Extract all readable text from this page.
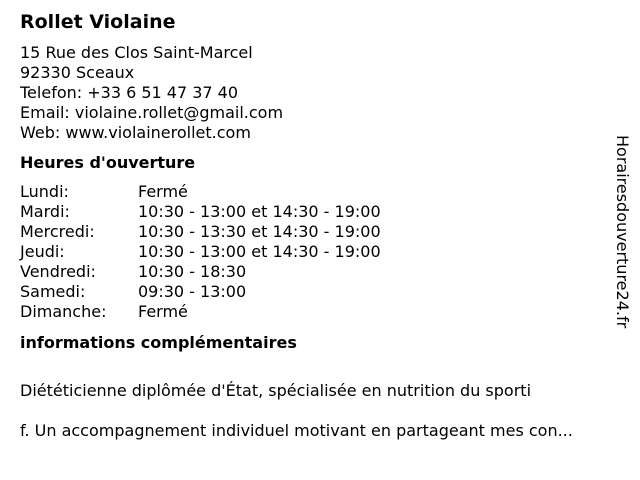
Rollet Violaine
15 Rue des Clos Saint-Marcel
92330 Sceaux
Telefon: +33 6 51 47 37 40
Email: violaine.rollet@gmail.com
Web: www.violainerollet.com
Heures d'ouverture
Lundi:	Fermé
Mardi:	10:30 - 13:00 et 14:30 - 19:00
Mercredi:	10:30 - 13:30 et 14:30 - 19:00
Jeudi:	10:30 - 13:00 et 14:30 - 19:00
Vendredi:	10:30 - 18:30
Samedi:	09:30 - 13:00
Dimanche:	Fermé
informations complémentaires

Diététicienne diplômée d'État, spécialisée en nutrition du sporti

f. Un accompagnement individuel motivant en partageant mes con...

Horairesdouverture24.fr
